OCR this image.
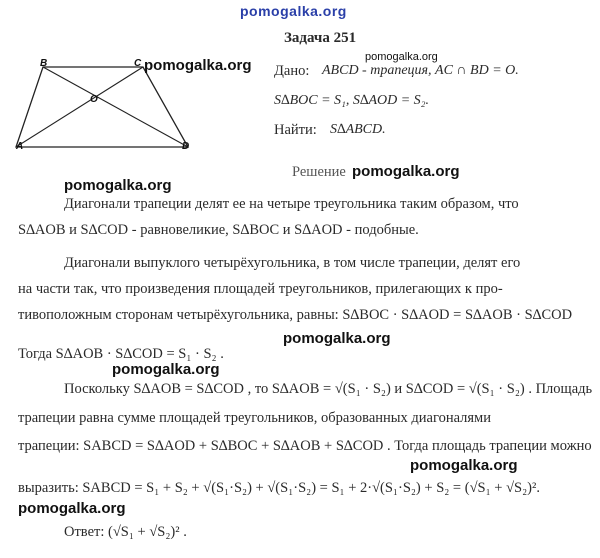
pomogalka.org
Задача 251
B	C
O
A	D
pomogalka.org	pomogalka.org
Дано: ABCD - трапеция, AC ∩ BD = O.
S∆BOC = S₁, S∆AOD = S₂.
Найти: S∆ABCD.
Решение pomogalka.org
pomogalka.org
Диагонали трапеции делят ее на четыре треугольника таким образом, что
S∆AOB и S∆COD - равновеликие, S∆BOC и S∆AOD - подобные.
Диагонали выпуклого четырёхугольника, в том числе трапеции, делят его
на части так, что произведения площадей треугольников, прилегающих к про-
тивоположным сторонам четырёхугольника, равны: S∆BOC · S∆AOD = S∆AOB · S∆COD
pomogalka.org
Тогда S∆AOB · S∆COD = S₁ · S₂ .
pomogalka.org
Поскольку S∆AOB = S∆COD , то S∆AOB = √(S₁ · S₂) и S∆COD = √(S₁ · S₂) . Площадь
трапеции равна сумме площадей треугольников, образованных диагоналями
трапеции: SABCD = S∆AOD + S∆BOC + S∆AOB + S∆COD . Тогда площадь трапеции можно
pomogalka.org
выразить: SABCD = S₁ + S₂ + √(S₁·S₂) + √(S₁·S₂) = S₁ + 2·√(S₁·S₂) + S₂ = (√S₁ + √S₂)².
pomogalka.org
Ответ: (√S₁ + √S₂)² .
